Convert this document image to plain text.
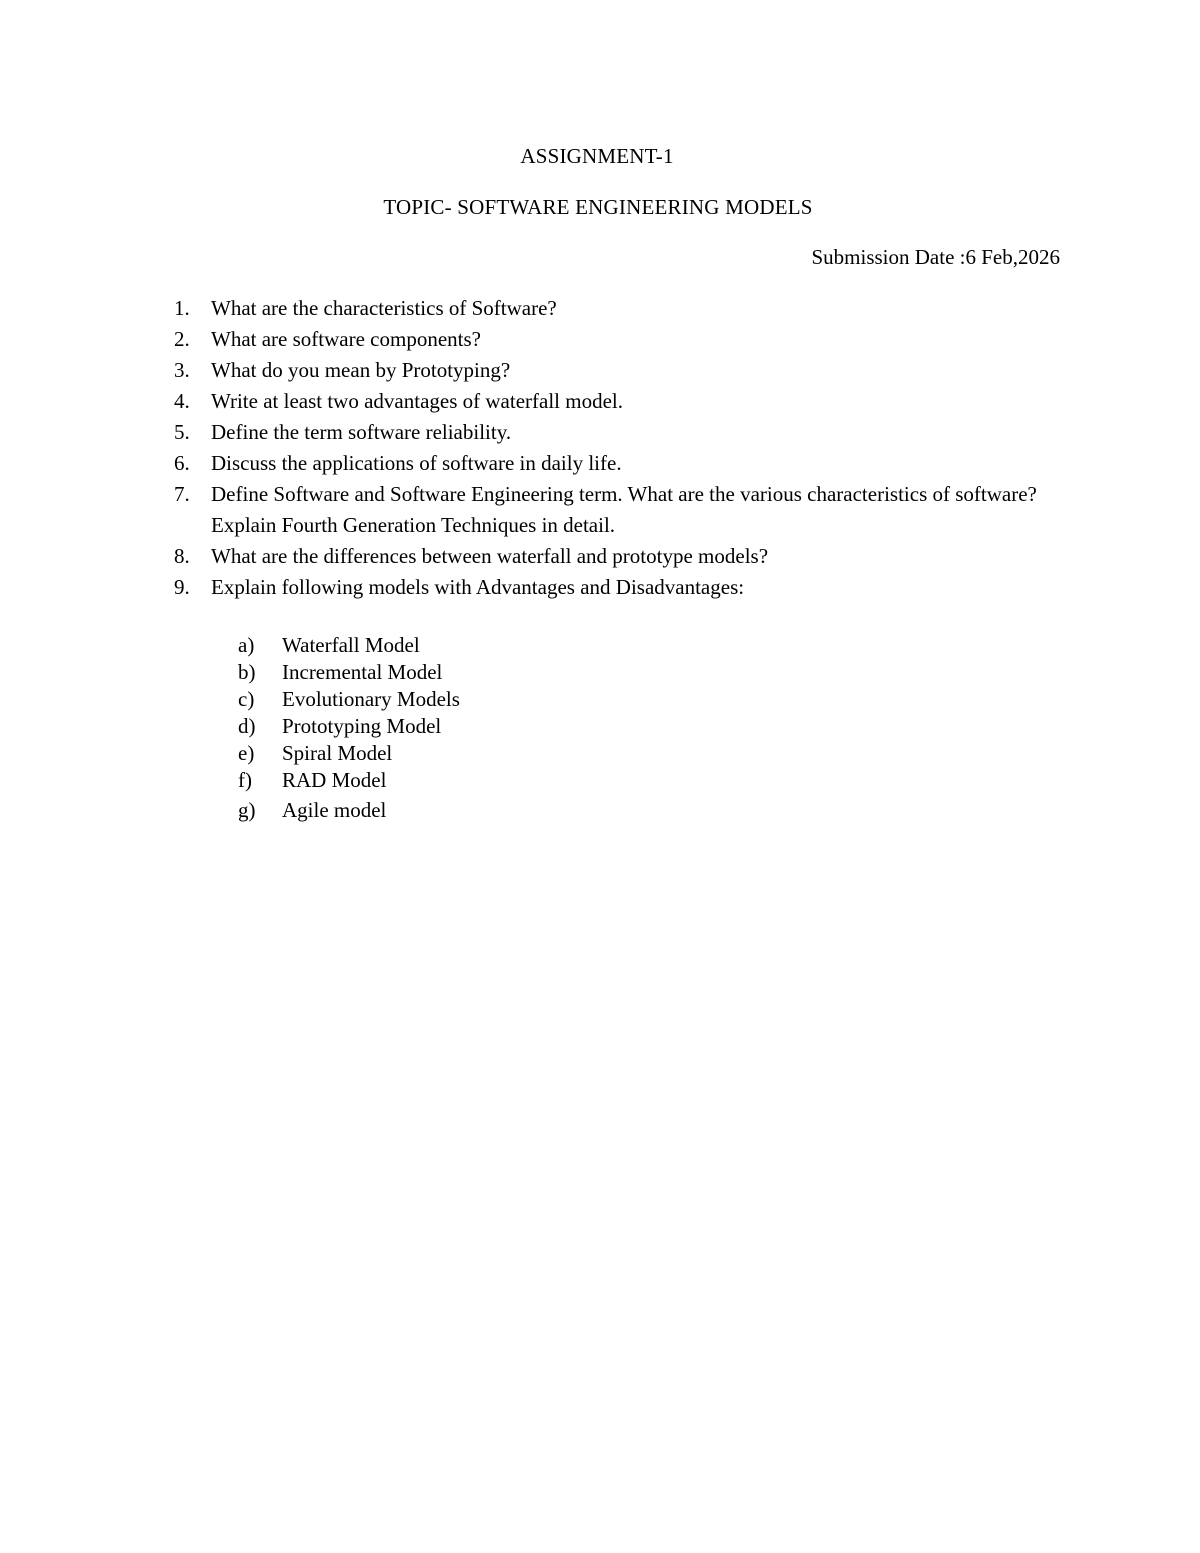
ASSIGNMENT-1
TOPIC- SOFTWARE ENGINEERING MODELS
Submission Date :6 Feb,2026
1. What are the characteristics of Software?
2. What are software components?
3. What do you mean by Prototyping?
4. Write at least two advantages of waterfall model.
5. Define the term software reliability.
6. Discuss the applications of software in daily life.
7. Define Software and Software Engineering term. What are the various characteristics of software? Explain Fourth Generation Techniques in detail.
8. What are the differences between waterfall and prototype models?
9. Explain following models with Advantages and Disadvantages:
a) Waterfall Model
b) Incremental Model
c) Evolutionary Models
d) Prototyping Model
e) Spiral Model
f) RAD Model
g) Agile model
